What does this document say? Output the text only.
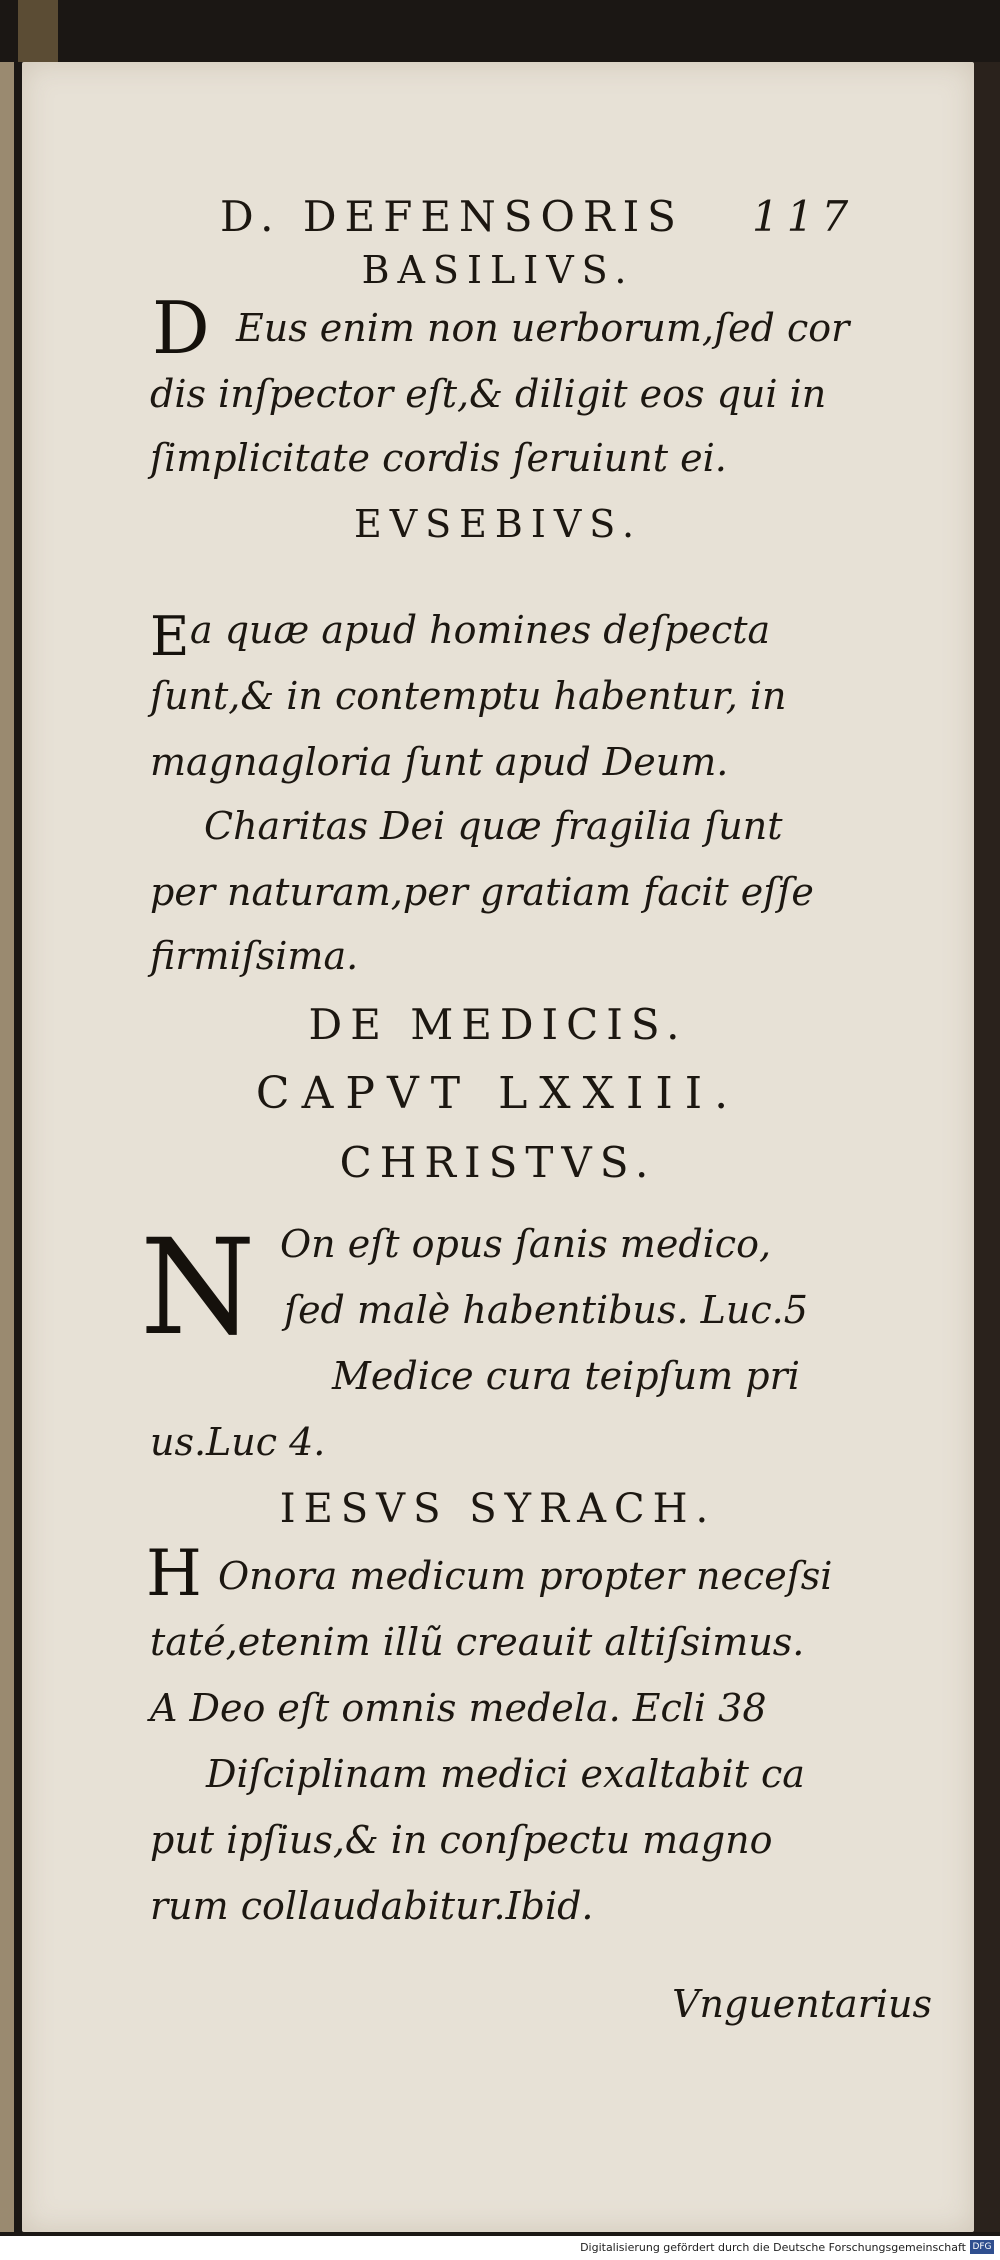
D. DEFENSORIS 117
BASILIVS.
D Eus enim non uerborum,ſed cor
dis inſpector eſt,& diligit eos qui in
ſimplicitate cordis ſeruiunt ei.
EVSEBIVS.
E a quæ apud homines deſpecta
ſunt,& in contemptu habentur, in
magnagloria ſunt apud Deum.
Charitas Dei quæ fragilia ſunt
per naturam,per gratiam facit eſſe
firmiſsima.
DE MEDICIS.
CAPVT LXXIII.
CHRISTVS.
N On eſt opus ſanis medico,
ſed malè habentibus. Luc.5
Medice cura teipſum pri
us.Luc 4.
IESVS SYRACH.
H Onora medicum propter neceſsi
taté,etenim illũ creauit altiſsimus.
A Deo eſt omnis medela. Ecli 38
Diſciplinam medici exaltabit ca
put ipſius,& in conſpectu magno
rum collaudabitur.Ibid.
Vnguentarius
Digitalisierung gefördert durch die Deutsche Forschungsgemeinschaft DFG
